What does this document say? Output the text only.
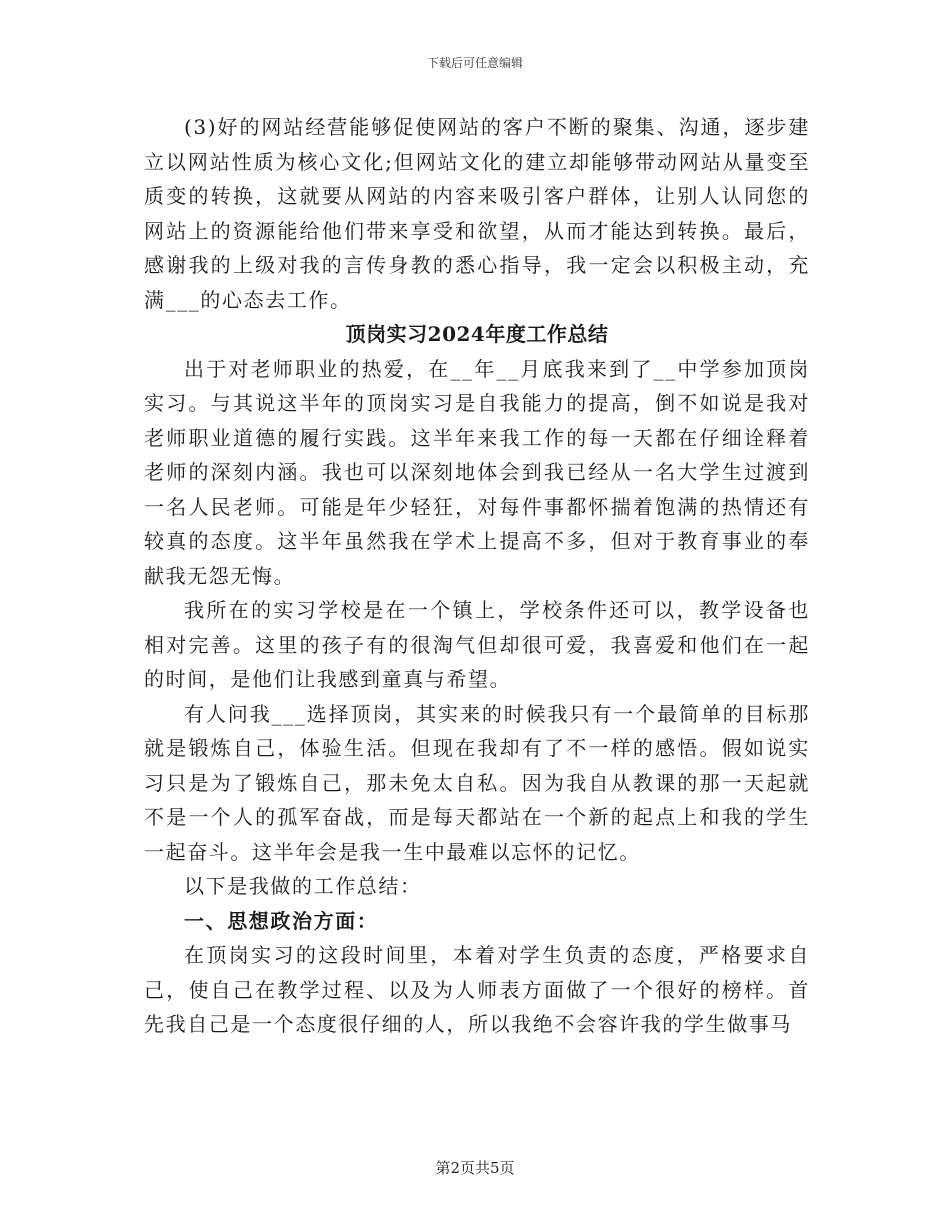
下载后可任意编辑

(3)好的网站经营能够促使网站的客户不断的聚集、沟通，逐步建立以网站性质为核心文化;但网站文化的建立却能够带动网站从量变至质变的转换，这就要从网站的内容来吸引客户群体，让别人认同您的网站上的资源能给他们带来享受和欲望，从而才能达到转换。最后，感谢我的上级对我的言传身教的悉心指导，我一定会以积极主动，充满___的心态去工作。

顶岗实习2024年度工作总结

出于对老师职业的热爱，在__年__月底我来到了__中学参加顶岗实习。与其说这半年的顶岗实习是自我能力的提高，倒不如说是我对老师职业道德的履行实践。这半年来我工作的每一天都在仔细诠释着老师的深刻内涵。我也可以深刻地体会到我已经从一名大学生过渡到一名人民老师。可能是年少轻狂，对每件事都怀揣着饱满的热情还有较真的态度。这半年虽然我在学术上提高不多，但对于教育事业的奉献我无怨无悔。

我所在的实习学校是在一个镇上，学校条件还可以，教学设备也相对完善。这里的孩子有的很淘气但却很可爱，我喜爱和他们在一起的时间，是他们让我感到童真与希望。

有人问我___选择顶岗，其实来的时候我只有一个最简单的目标那就是锻炼自己，体验生活。但现在我却有了不一样的感悟。假如说实习只是为了锻炼自己，那未免太自私。因为我自从教课的那一天起就不是一个人的孤军奋战，而是每天都站在一个新的起点上和我的学生一起奋斗。这半年会是我一生中最难以忘怀的记忆。

以下是我做的工作总结：

一、思想政治方面：

在顶岗实习的这段时间里，本着对学生负责的态度，严格要求自己，使自己在教学过程、以及为人师表方面做了一个很好的榜样。首先我自己是一个态度很仔细的人，所以我绝不会容许我的学生做事马

第2页共5页
